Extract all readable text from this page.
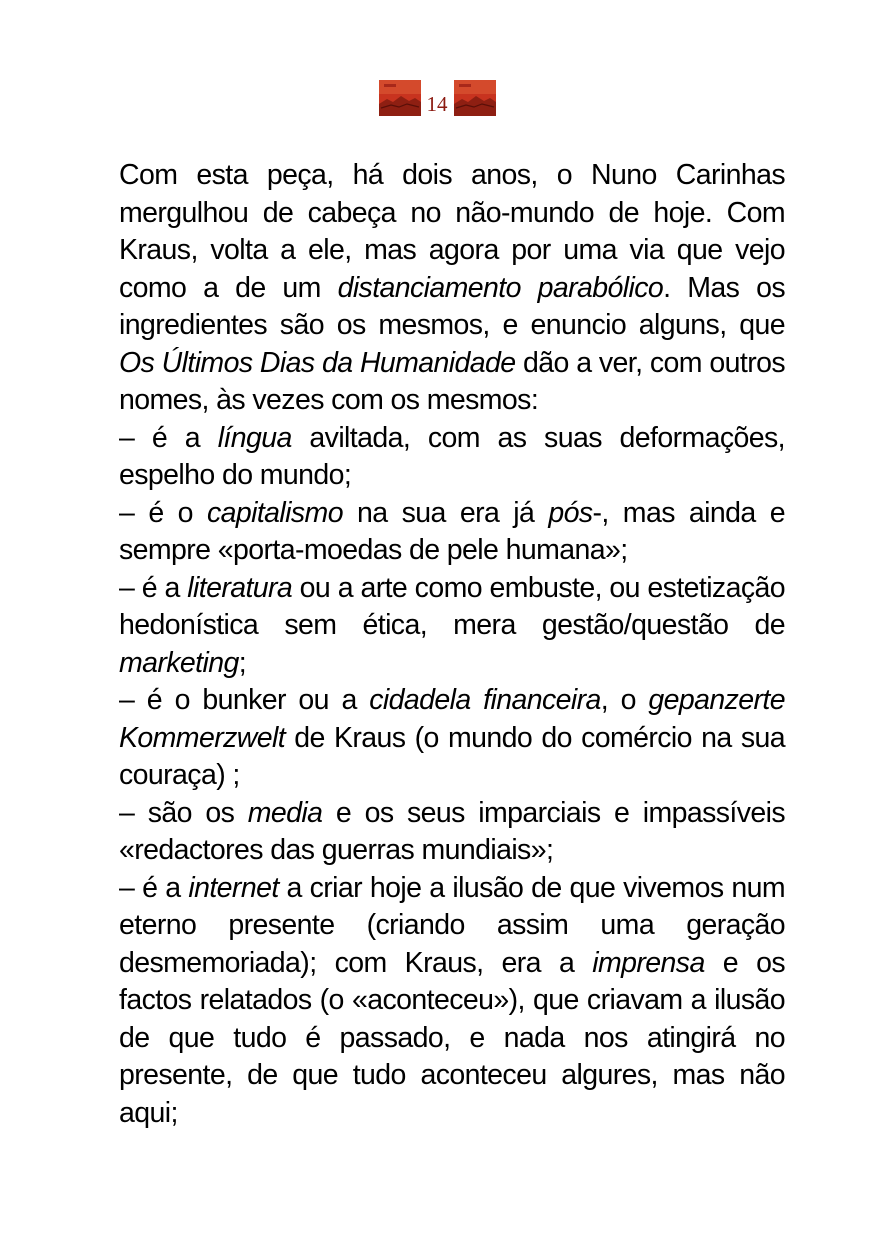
14

Com esta peça, há dois anos, o Nuno Carinhas mergulhou de cabeça no não-mundo de hoje. Com Kraus, volta a ele, mas agora por uma via que vejo como a de um distanciamento parabólico. Mas os ingredientes são os mesmos, e enuncio alguns, que Os Últimos Dias da Humanidade dão a ver, com outros nomes, às vezes com os mesmos:

– é a língua aviltada, com as suas deformações, espelho do mundo;

– é o capitalismo na sua era já pós-, mas ainda e sempre «porta-moedas de pele humana»;

– é a literatura ou a arte como embuste, ou estetização hedonística sem ética, mera gestão/questão de marketing;

– é o bunker ou a cidadela financeira, o gepanzerte Kommerzwelt de Kraus (o mundo do comércio na sua couraça) ;

– são os media e os seus imparciais e impassíveis «redactores das guerras mundiais»;

– é a internet a criar hoje a ilusão de que vivemos num eterno presente (criando assim uma geração desmemoriada); com Kraus, era a imprensa e os factos relatados (o «aconteceu»), que criavam a ilusão de que tudo é passado, e nada nos atingirá no presente, de que tudo aconteceu algures, mas não aqui;
